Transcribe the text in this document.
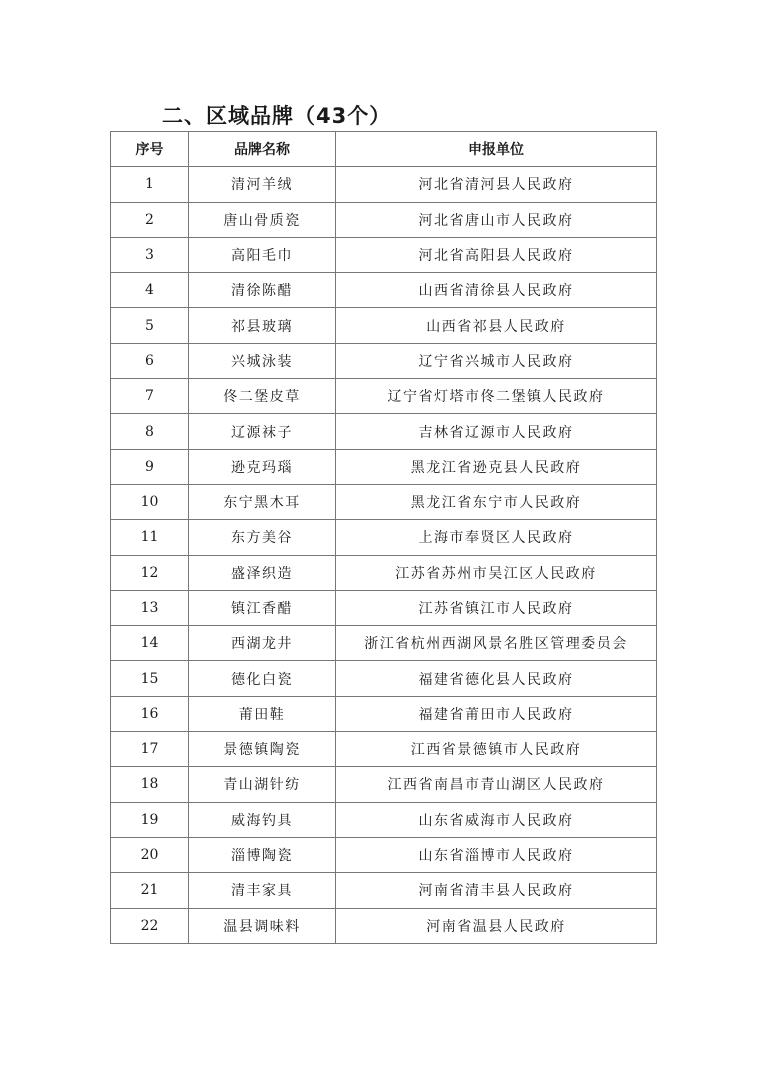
二、区域品牌（43个）
序号	品牌名称	申报单位
1	清河羊绒	河北省清河县人民政府
2	唐山骨质瓷	河北省唐山市人民政府
3	高阳毛巾	河北省高阳县人民政府
4	清徐陈醋	山西省清徐县人民政府
5	祁县玻璃	山西省祁县人民政府
6	兴城泳装	辽宁省兴城市人民政府
7	佟二堡皮草	辽宁省灯塔市佟二堡镇人民政府
8	辽源袜子	吉林省辽源市人民政府
9	逊克玛瑙	黑龙江省逊克县人民政府
10	东宁黑木耳	黑龙江省东宁市人民政府
11	东方美谷	上海市奉贤区人民政府
12	盛泽织造	江苏省苏州市吴江区人民政府
13	镇江香醋	江苏省镇江市人民政府
14	西湖龙井	浙江省杭州西湖风景名胜区管理委员会
15	德化白瓷	福建省德化县人民政府
16	莆田鞋	福建省莆田市人民政府
17	景德镇陶瓷	江西省景德镇市人民政府
18	青山湖针纺	江西省南昌市青山湖区人民政府
19	威海钓具	山东省威海市人民政府
20	淄博陶瓷	山东省淄博市人民政府
21	清丰家具	河南省清丰县人民政府
22	温县调味料	河南省温县人民政府
